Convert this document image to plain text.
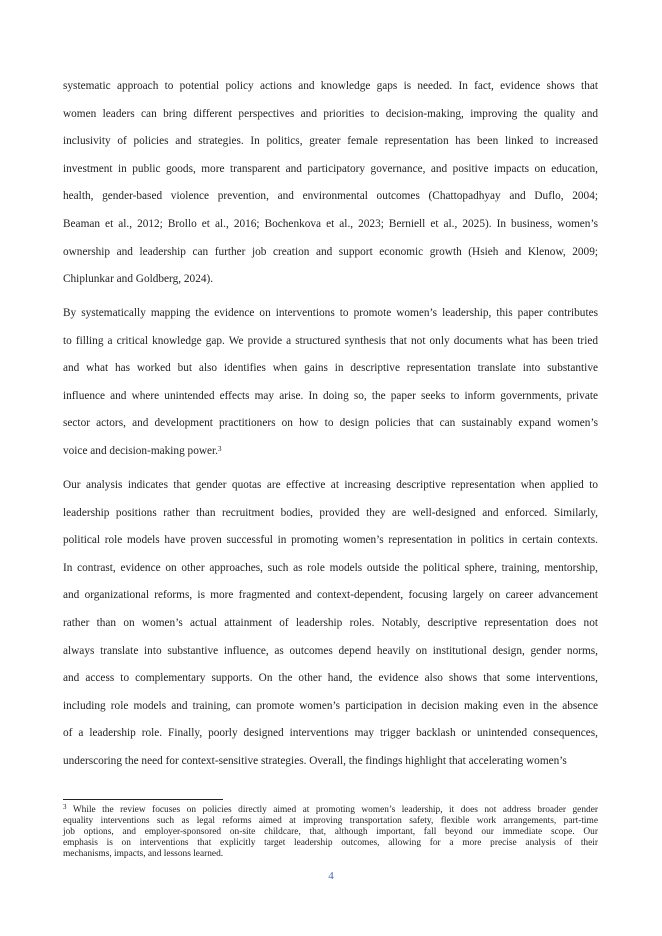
systematic approach to potential policy actions and knowledge gaps is needed. In fact, evidence shows that
women leaders can bring different perspectives and priorities to decision-making, improving the quality and
inclusivity of policies and strategies. In politics, greater female representation has been linked to increased
investment in public goods, more transparent and participatory governance, and positive impacts on education,
health, gender-based violence prevention, and environmental outcomes (Chattopadhyay and Duflo, 2004;
Beaman et al., 2012; Brollo et al., 2016; Bochenkova et al., 2023; Berniell et al., 2025). In business, women’s
ownership and leadership can further job creation and support economic growth (Hsieh and Klenow, 2009;
Chiplunkar and Goldberg, 2024).
By systematically mapping the evidence on interventions to promote women’s leadership, this paper contributes
to filling a critical knowledge gap. We provide a structured synthesis that not only documents what has been tried
and what has worked but also identifies when gains in descriptive representation translate into substantive
influence and where unintended effects may arise. In doing so, the paper seeks to inform governments, private
sector actors, and development practitioners on how to design policies that can sustainably expand women’s
voice and decision-making power.$^3$
Our analysis indicates that gender quotas are effective at increasing descriptive representation when applied to
leadership positions rather than recruitment bodies, provided they are well-designed and enforced. Similarly,
political role models have proven successful in promoting women’s representation in politics in certain contexts.
In contrast, evidence on other approaches, such as role models outside the political sphere, training, mentorship,
and organizational reforms, is more fragmented and context-dependent, focusing largely on career advancement
rather than on women’s actual attainment of leadership roles. Notably, descriptive representation does not
always translate into substantive influence, as outcomes depend heavily on institutional design, gender norms,
and access to complementary supports. On the other hand, the evidence also shows that some interventions,
including role models and training, can promote women’s participation in decision making even in the absence
of a leadership role. Finally, poorly designed interventions may trigger backlash or unintended consequences,
underscoring the need for context-sensitive strategies. Overall, the findings highlight that accelerating women’s
$^3$ While the review focuses on policies directly aimed at promoting women’s leadership, it does not address broader gender
equality interventions such as legal reforms aimed at improving transportation safety, flexible work arrangements, part-time
job options, and employer-sponsored on-site childcare, that, although important, fall beyond our immediate scope. Our
emphasis is on interventions that explicitly target leadership outcomes, allowing for a more precise analysis of their
mechanisms, impacts, and lessons learned.
4
